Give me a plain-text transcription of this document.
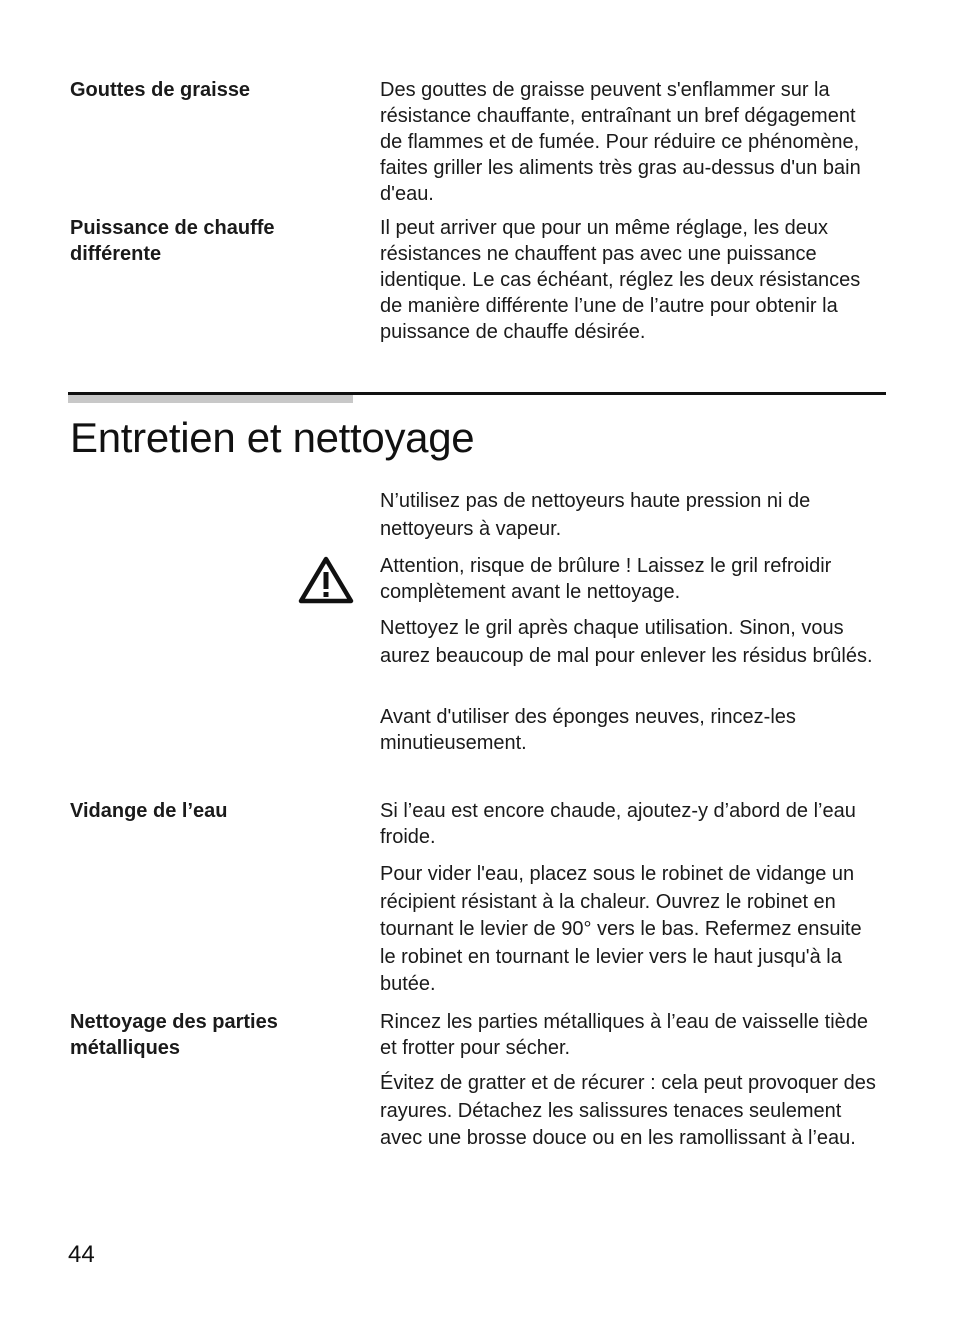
Gouttes de graisse	Des gouttes de graisse peuvent s'enflammer sur la résistance chauffante, entraînant un bref dégagement de flammes et de fumée. Pour réduire ce phénomène, faites griller les aliments très gras au-dessus d'un bain d'eau.
Puissance de chauffe différente
Il peut arriver que pour un même réglage, les deux résistances ne chauffent pas avec une puissance identique. Le cas échéant, réglez les deux résistances de manière différente l’une de l’autre pour obtenir la puissance de chauffe désirée.
Entretien et nettoyage
N’utilisez pas de nettoyeurs haute pression ni de nettoyeurs à vapeur.
Attention, risque de brûlure ! Laissez le gril refroidir complètement avant le nettoyage.
Nettoyez le gril après chaque utilisation. Sinon, vous aurez beaucoup de mal pour enlever les résidus brûlés.
Avant d'utiliser des éponges neuves, rincez-les minutieusement.
Vidange de l’eau	Si l’eau est encore chaude, ajoutez-y d’abord de l’eau froide.
Pour vider l'eau, placez sous le robinet de vidange un récipient résistant à la chaleur. Ouvrez le robinet en tournant le levier de 90° vers le bas. Refermez ensuite le robinet en tournant le levier vers le haut jusqu'à la butée.
Nettoyage des parties métalliques
Rincez les parties métalliques à l’eau de vaisselle tiède et frotter pour sécher.
Évitez de gratter et de récurer : cela peut provoquer des rayures. Détachez les salissures tenaces seulement avec une brosse douce ou en les ramollissant à l’eau.
44
